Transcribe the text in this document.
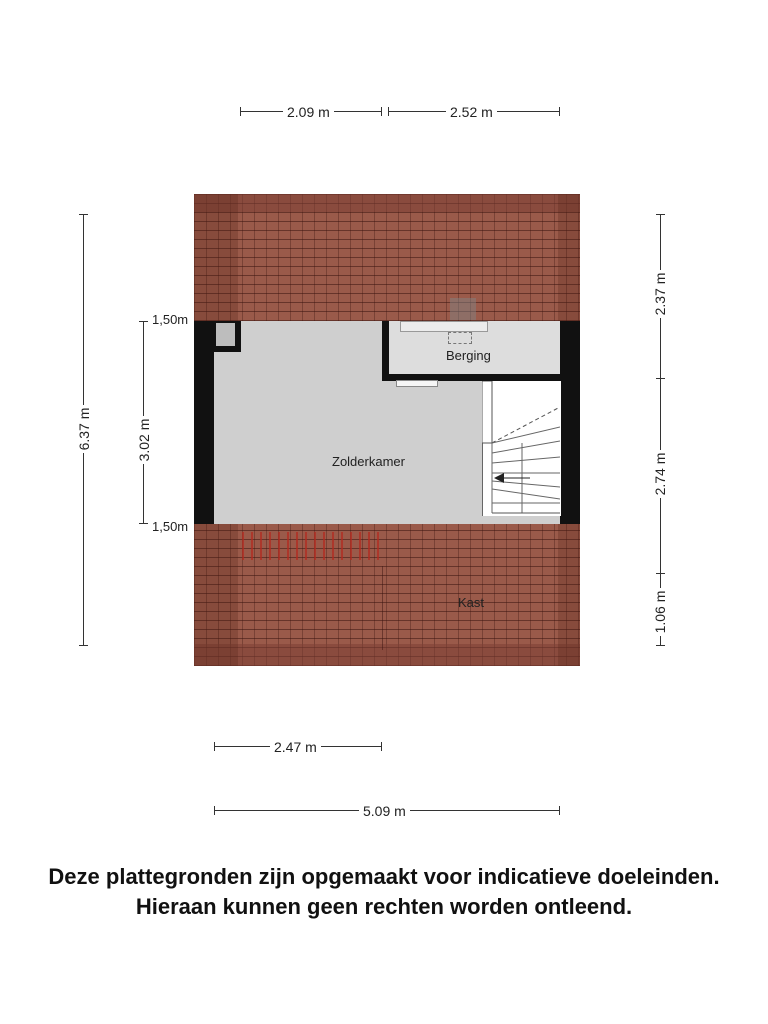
2.09 m	2.52 m
6.37 m	3.02 m
1,50m
1,50m
2.37 m
2.74 m
1.06 m
Berging
Zolderkamer
Kast
2.47 m
5.09 m
Deze plattegronden zijn opgemaakt voor indicatieve doeleinden.
Hieraan kunnen geen rechten worden ontleend.
